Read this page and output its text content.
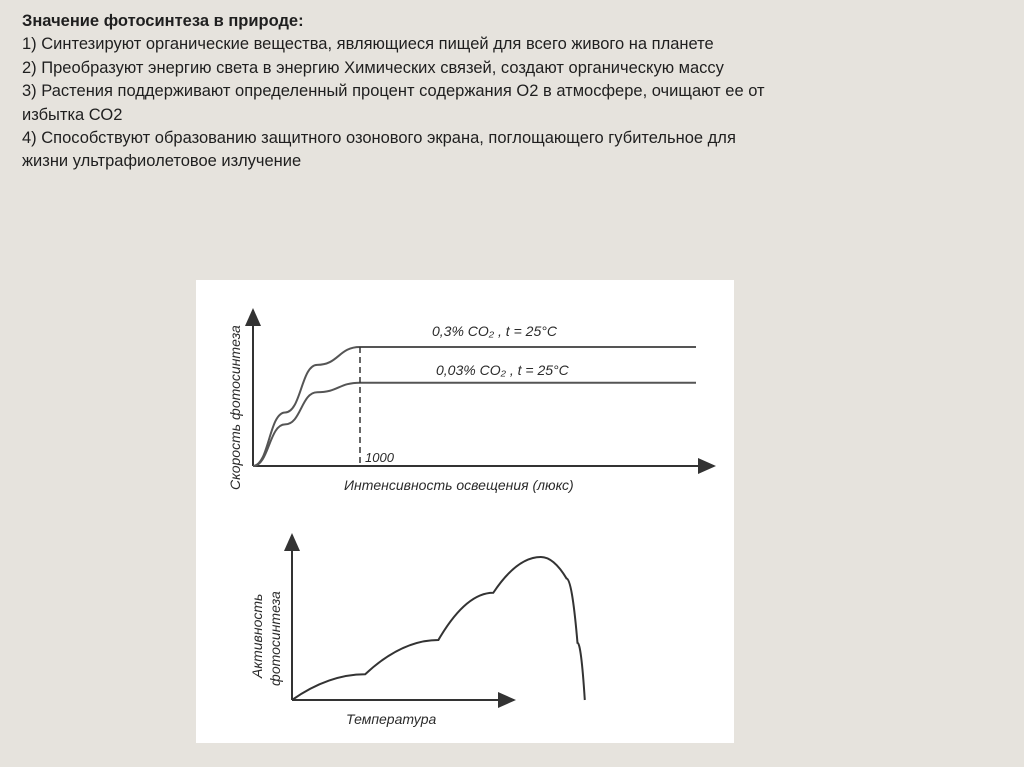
Значение фотосинтеза в природе:
1) Синтезируют органические вещества, являющиеся пищей для всего живого на планете
2) Преобразуют энергию света в энергию Химических связей, создают органическую массу
3) Растения поддерживают определенный процент содержания О2 в атмосфере, очищают ее от
избытка СО2
4) Способствуют образованию защитного озонового экрана, поглощающего губительное для
жизни ультрафиолетовое излучение
1000
0,3% CO₂ , t = 25°C
0,03% CO₂ , t = 25°C
Интенсивность освещения (люкс)
Скорость фотосинтеза
Температура
Активность фотосинтеза
